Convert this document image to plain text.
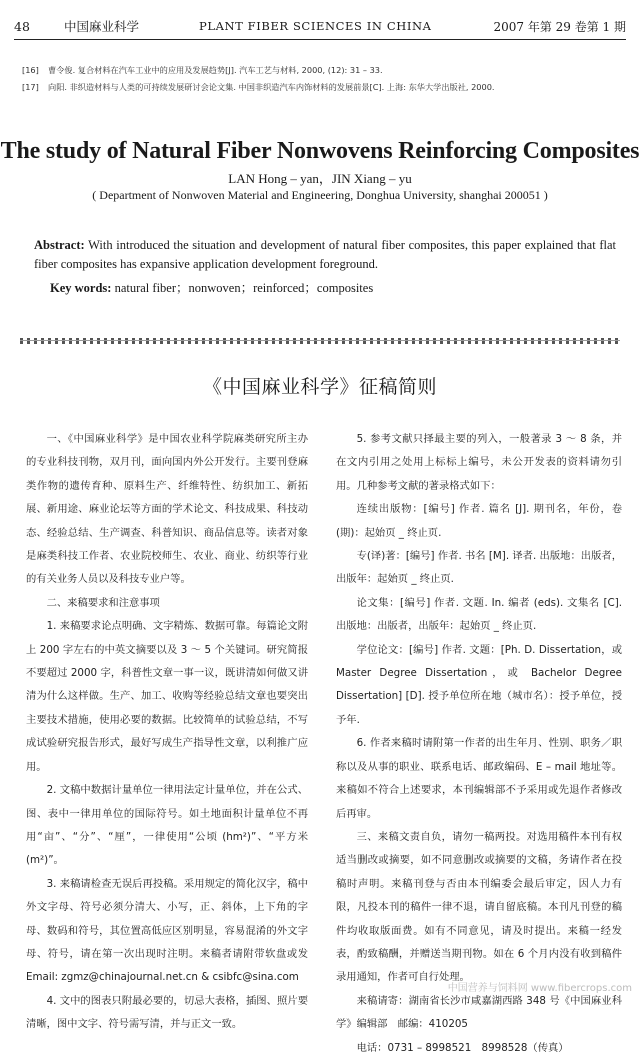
48	中国麻业科学	PLANT FIBER SCIENCES IN CHINA	2007 年第 29 卷第 1 期
[16]	曹令俊. 复合材料在汽车工业中的应用及发展趋势[J]. 汽车工艺与材料, 2000, (12): 31 – 33.
[17]	向阳. 非织造材料与人类的可持续发展研讨会论文集. 中国非织造汽车内饰材料的发展前景[C]. 上海: 东华大学出版社, 2000.
The study of Natural Fiber Nonwovens Reinforcing Composites
LAN Hong – yan，JIN Xiang – yu
( Department of Nonwoven Material and Engineering, Donghua University, shanghai 200051 )
Abstract: With introduced the situation and development of natural fiber composites, this paper explained that flat fiber composites has expansive application development foreground.
Key words: natural fiber；nonwoven；reinforced；composites
《中国麻业科学》征稿简则

一、《中国麻业科学》是中国农业科学院麻类研究所主办的专业科技刊物，双月刊，面向国内外公开发行。主要刊登麻类作物的遗传育种、原料生产、纤维特性、纺织加工、新拓展、新用途、麻业论坛等方面的学术论文、科技成果、科技动态、经验总结、生产调查、科普知识、商品信息等。读者对象是麻类科技工作者、农业院校师生、农业、商业、纺织等行业的有关业务人员以及科技专业户等。

二、来稿要求和注意事项

1. 来稿要求论点明确、文字精炼、数据可靠。每篇论文附上 200 字左右的中英文摘要以及 3 ～ 5 个关键词。研究简报不要超过 2000 字，科普性文章一事一议，既讲清如何做又讲清为什么这样做。生产、加工、收购等经验总结文章也要突出主要技术措施，使用必要的数据。比较简单的试验总结，不写成试验研究报告形式，最好写成生产指导性文章，以利推广应用。

2. 文稿中数据计量单位一律用法定计量单位，并在公式、图、表中一律用单位的国际符号。如土地面积计量单位不再用“亩”、“分”、“厘”，一律使用“公顷 (hm²)”、“平方米 (m²)”。

3. 来稿请检查无误后再投稿。采用规定的简化汉字，稿中外文字母、符号必须分清大、小写，正、斜体，上下角的字母、数码和符号，其位置高低应区别明显，容易混淆的外文字母、符号，请在第一次出现时注明。来稿者请附带软盘或发 Email: zgmz@chinajournal.net.cn & csibfc@sina.com

4. 文中的图表只附最必要的，切忌大表格，插图、照片要清晰，图中文字、符号需写清，并与正文一致。

5. 参考文献只择最主要的列入，一般著录 3 ～ 8 条，并在文内引用之处用上标标上编号，未公开发表的资料请勿引用。几种参考文献的著录格式如下：

连续出版物：[编号] 作者. 篇名 [J]. 期刊名，年份，卷(期)：起始页 _ 终止页.

专(译)著：[编号] 作者. 书名 [M]. 译者. 出版地：出版者，出版年：起始页 _ 终止页.

论文集：[编号] 作者. 文题. In. 编者 (eds). 文集名 [C]. 出版地：出版者，出版年：起始页 _ 终止页.

学位论文：[编号] 作者. 文题：[Ph. D. Dissertation，或 Master Degree Dissertation，或 Bachelor Degree Dissertation] [D]. 授予单位所在地（城市名）：授予单位，授予年.

6. 作者来稿时请附第一作者的出生年月、性别、职务／职称以及从事的职业、联系电话、邮政编码、E – mail 地址等。来稿如不符合上述要求，本刊编辑部不予采用或先退作者修改后再审。

三、来稿文责自负，请勿一稿两投。对选用稿件本刊有权适当删改或摘要，如不同意删改或摘要的文稿，务请作者在投稿时声明。来稿刊登与否由本刊编委会最后审定，因人力有限，凡投本刊的稿件一律不退，请自留底稿。本刊凡刊登的稿件均收取版面费。如有不同意见，请及时提出。来稿一经发表，酌致稿酬，并赠送当期刊物。如在 6 个月内没有收到稿件录用通知，作者可自行处理。

来稿请寄：湖南省长沙市咸嘉湖西路 348 号《中国麻业科学》编辑部　邮编：410205

电话：0731 – 8998521　8998528（传真）

中国营养与饲料网 www.fibercrops.com
